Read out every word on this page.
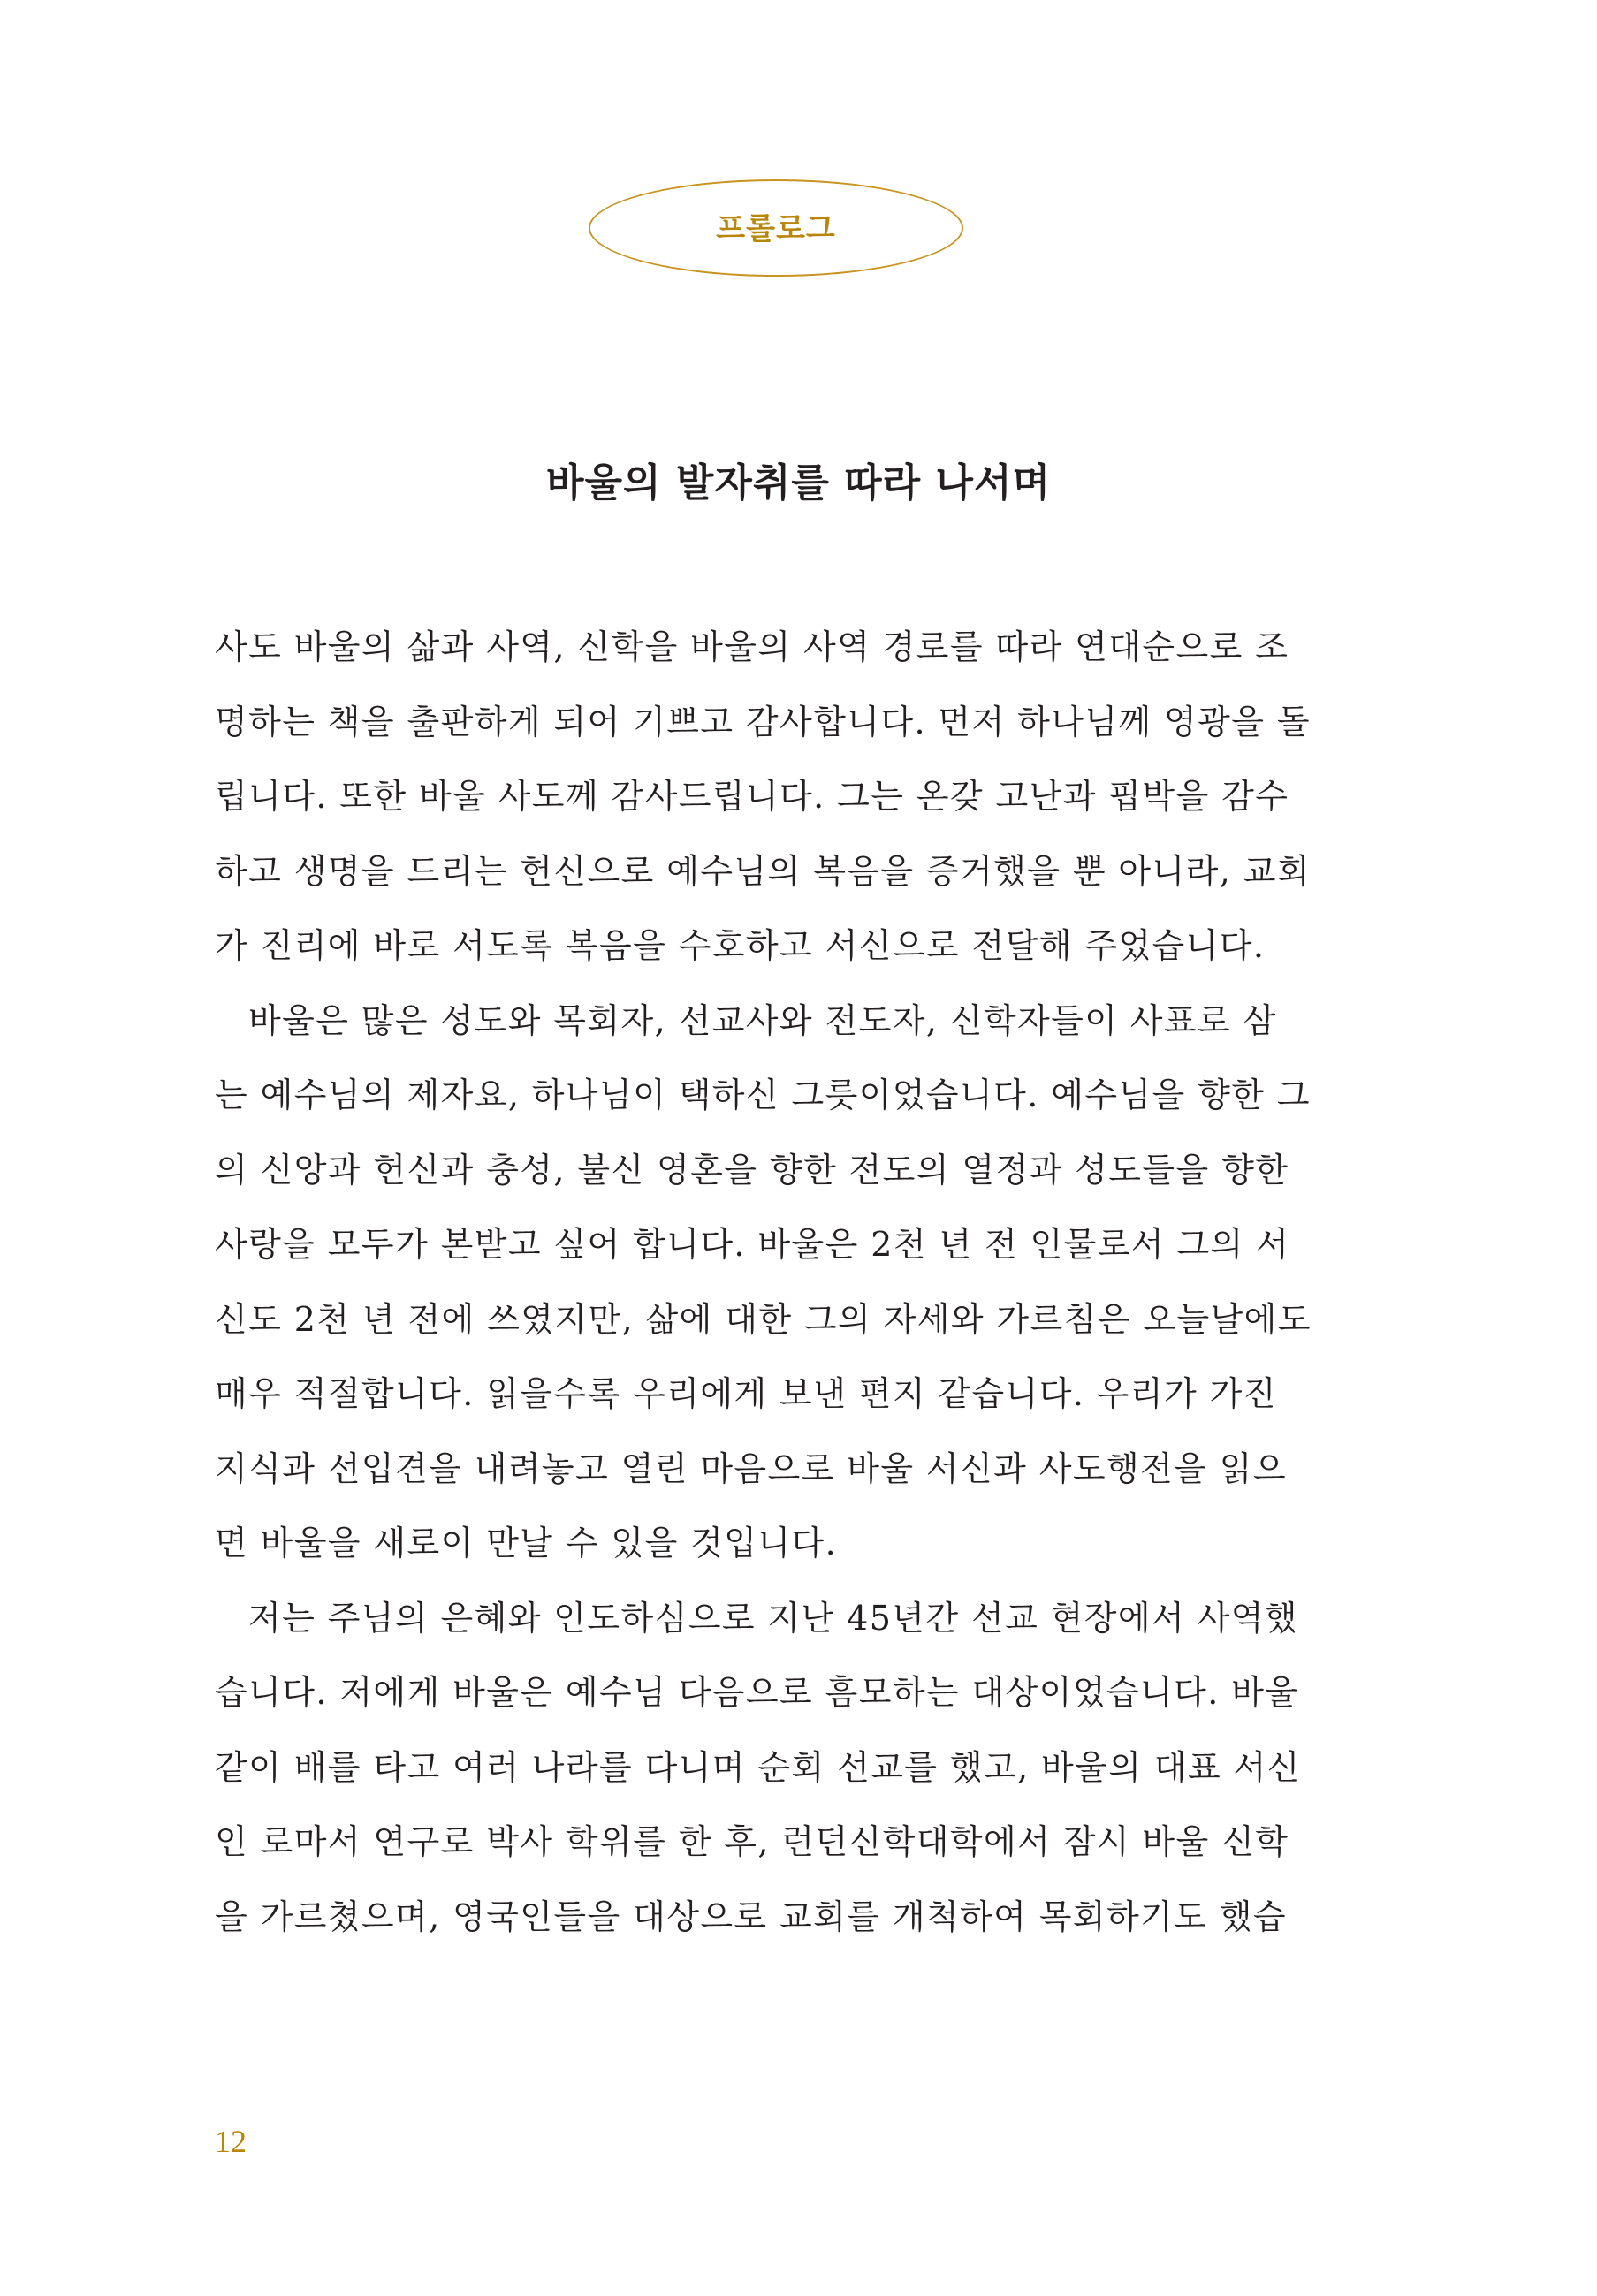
프롤로그
바울의 발자취를 따라 나서며
사도 바울의 삶과 사역, 신학을 바울의 사역 경로를 따라 연대순으로 조
명하는 책을 출판하게 되어 기쁘고 감사합니다. 먼저 하나님께 영광을 돌
립니다. 또한 바울 사도께 감사드립니다. 그는 온갖 고난과 핍박을 감수
하고 생명을 드리는 헌신으로 예수님의 복음을 증거했을 뿐 아니라, 교회
가 진리에 바로 서도록 복음을 수호하고 서신으로 전달해 주었습니다.
바울은 많은 성도와 목회자, 선교사와 전도자, 신학자들이 사표로 삼
는 예수님의 제자요, 하나님이 택하신 그릇이었습니다. 예수님을 향한 그
의 신앙과 헌신과 충성, 불신 영혼을 향한 전도의 열정과 성도들을 향한
사랑을 모두가 본받고 싶어 합니다. 바울은 2천 년 전 인물로서 그의 서
신도 2천 년 전에 쓰였지만, 삶에 대한 그의 자세와 가르침은 오늘날에도
매우 적절합니다. 읽을수록 우리에게 보낸 편지 같습니다. 우리가 가진
지식과 선입견을 내려놓고 열린 마음으로 바울 서신과 사도행전을 읽으
면 바울을 새로이 만날 수 있을 것입니다.
저는 주님의 은혜와 인도하심으로 지난 45년간 선교 현장에서 사역했
습니다. 저에게 바울은 예수님 다음으로 흠모하는 대상이었습니다. 바울
같이 배를 타고 여러 나라를 다니며 순회 선교를 했고, 바울의 대표 서신
인 로마서 연구로 박사 학위를 한 후, 런던신학대학에서 잠시 바울 신학
을 가르쳤으며, 영국인들을 대상으로 교회를 개척하여 목회하기도 했습
12
